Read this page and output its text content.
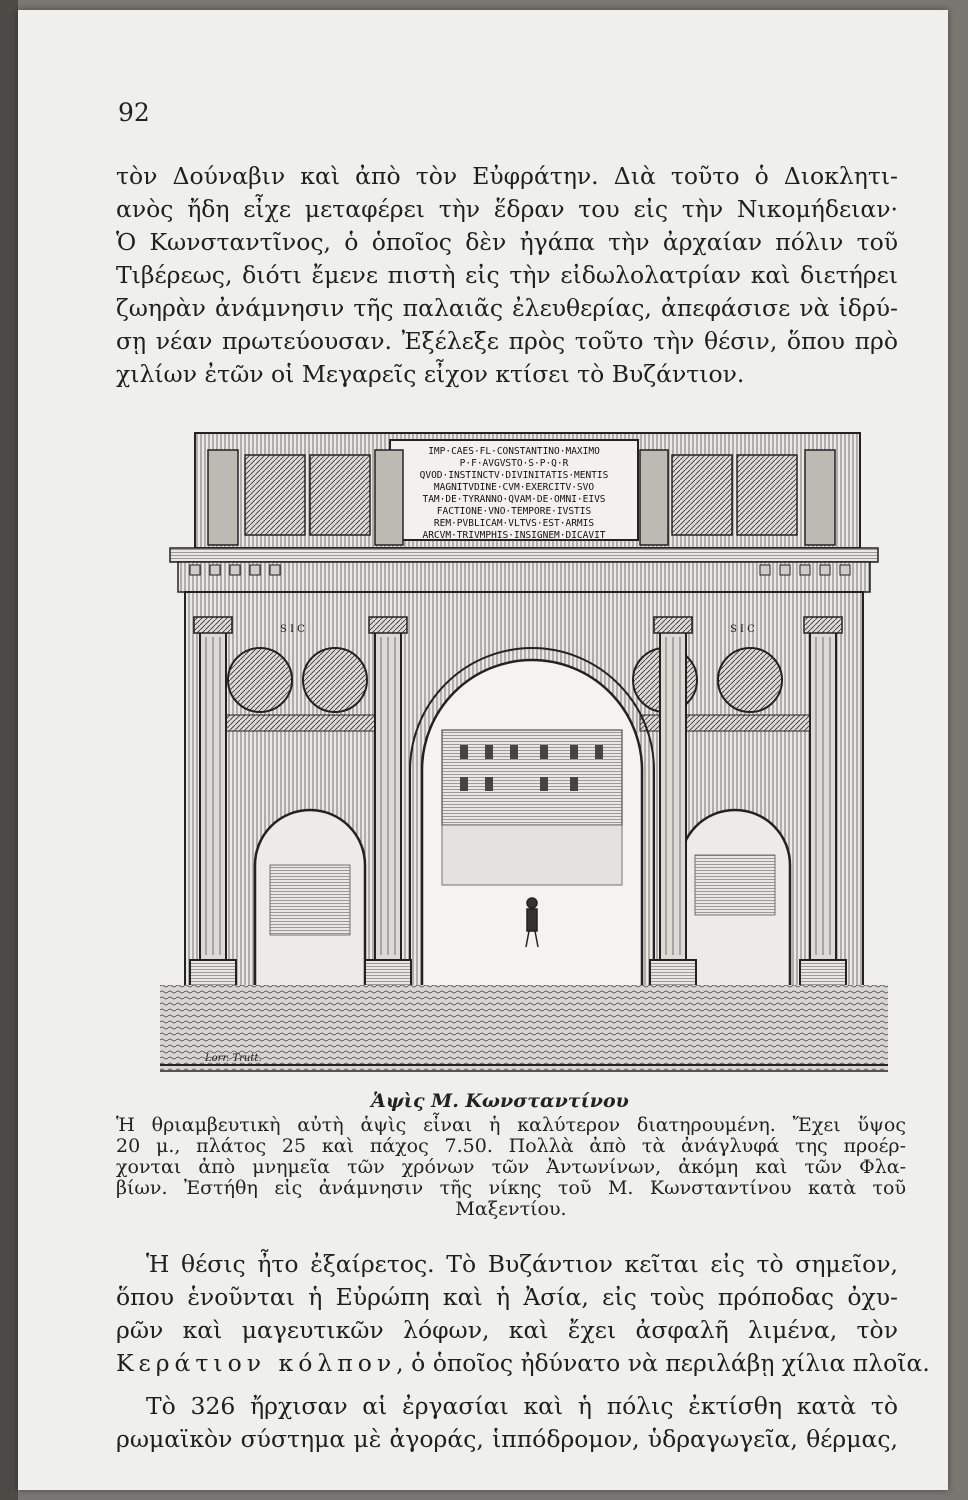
92
τὸν Δούναβιν καὶ ἀπὸ τὸν Εὐφράτην. Διὰ τοῦτο ὁ Διοκλητι-
ανὸς ἤδη εἶχε μεταφέρει τὴν ἕδραν του εἰς τὴν Νικομήδειαν·
Ὁ Κωνσταντῖνος, ὁ ὁποῖος δὲν ἠγάπα τὴν ἀρχαίαν πόλιν τοῦ
Τιβέρεως, διότι ἔμενε πιστὴ εἰς τὴν εἰδωλολατρίαν καὶ διετήρει
ζωηρὰν ἀνάμνησιν τῆς παλαιᾶς ἐλευθερίας, ἀπεφάσισε νὰ ἱδρύ-
σῃ νέαν πρωτεύουσαν. Ἐξέλεξε πρὸς τοῦτο τὴν θέσιν, ὅπου πρὸ
χιλίων ἐτῶν οἱ Μεγαρεῖς εἶχον κτίσει τὸ Βυζάντιον.
IMP·CAES·FL·CONSTANTINO·MAXIMO
P·F·AVGVSTO·S·P·Q·R
QVOD·INSTINCTV·DIVINITATIS·MENTIS
MAGNITVDINE·CVM·EXERCITV·SVO
TAM·DE·TYRANNO·QVAM·DE·OMNI·EIVS
FACTIONE·VNO·TEMPORE·IVSTIS
REM·PVBLICAM·VLTVS·EST·ARMIS
ARCVM·TRIVMPHIS·INSIGNEM·DICAVIT
S I C	S I C
Lorr. Trutt.
Ἁψὶς Μ. Κωνσταντίνου
Ἡ θριαμβευτικὴ αὐτὴ ἁψὶς εἶναι ἡ καλύτερον διατηρουμένη. Ἔχει ὕψος
20 μ., πλάτος 25 καὶ πάχος 7.50. Πολλὰ ἀπὸ τὰ ἀνάγλυφά της προέρ-
χονται ἀπὸ μνημεῖα τῶν χρόνων τῶν Ἀντωνίνων, ἀκόμη καὶ τῶν Φλα-
βίων. Ἐστήθη εἰς ἀνάμνησιν τῆς νίκης τοῦ Μ. Κωνσταντίνου κατὰ τοῦ
Μαξεντίου.
Ἡ θέσις ἦτο ἐξαίρετος. Τὸ Βυζάντιον κεῖται εἰς τὸ σημεῖον,
ὅπου ἑνοῦνται ἡ Εὐρώπη καὶ ἡ Ἀσία, εἰς τοὺς πρόποδας ὀχυ-
ρῶν καὶ μαγευτικῶν λόφων, καὶ ἔχει ἀσφαλῆ λιμένα, τὸν
Κεράτιον κόλπον, ὁ ὁποῖος ἠδύνατο νὰ περιλάβῃ χίλια πλοῖα.
Τὸ 326 ἤρχισαν αἱ ἐργασίαι καὶ ἡ πόλις ἐκτίσθη κατὰ τὸ
ρωμαϊκὸν σύστημα μὲ ἀγοράς, ἱππόδρομον, ὑδραγωγεῖα, θέρμας,
